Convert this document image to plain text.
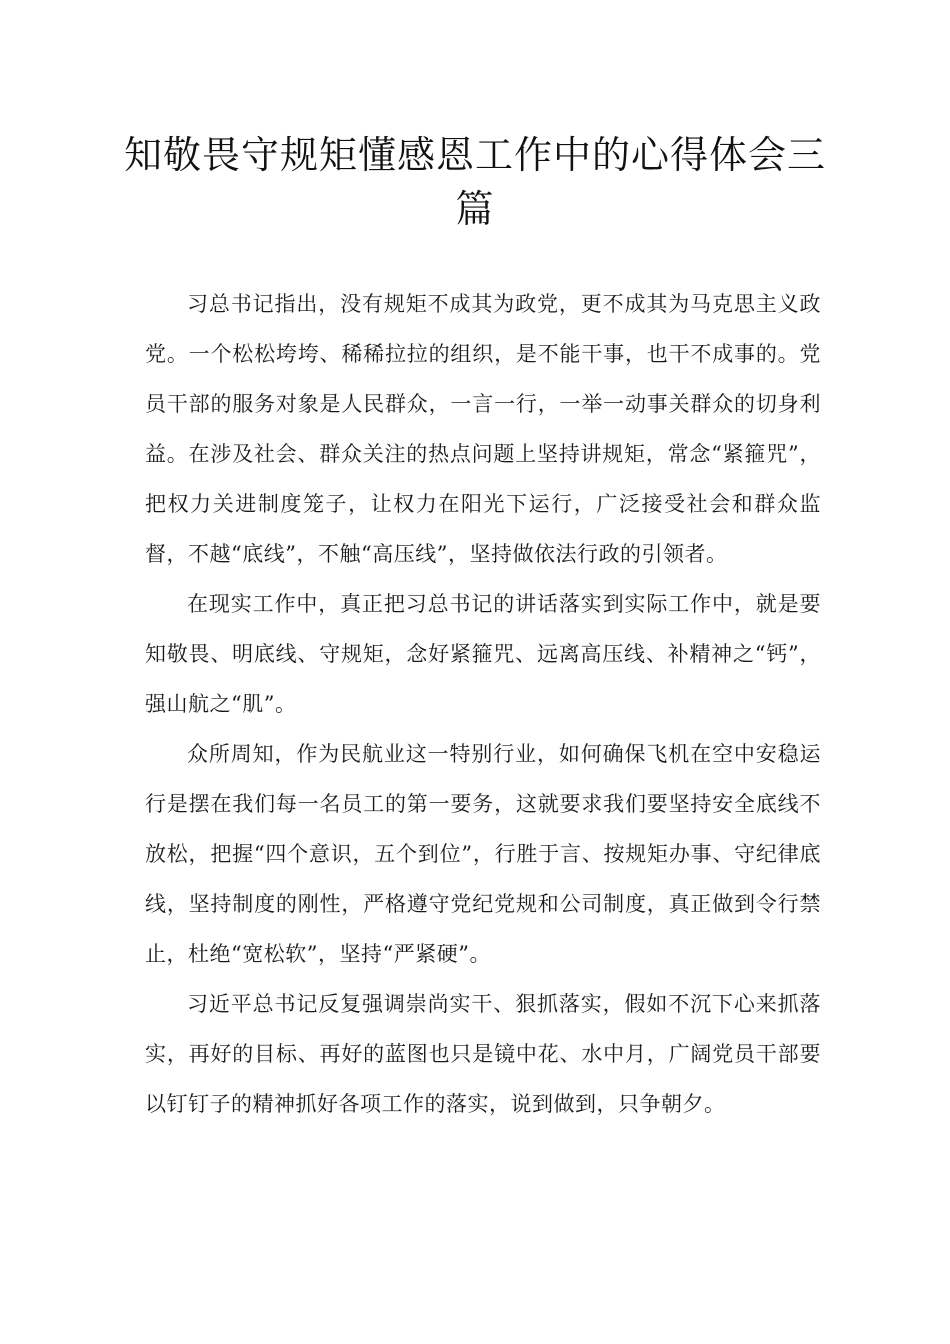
知敬畏守规矩懂感恩工作中的心得体会三篇

习总书记指出，没有规矩不成其为政党，更不成其为马克思主义政党。一个松松垮垮、稀稀拉拉的组织，是不能干事，也干不成事的。党员干部的服务对象是人民群众，一言一行，一举一动事关群众的切身利益。在涉及社会、群众关注的热点问题上坚持讲规矩，常念“紧箍咒”，把权力关进制度笼子，让权力在阳光下运行，广泛接受社会和群众监督，不越“底线”，不触“高压线”，坚持做依法行政的引领者。

在现实工作中，真正把习总书记的讲话落实到实际工作中，就是要知敬畏、明底线、守规矩，念好紧箍咒、远离高压线、补精神之“钙”，强山航之“肌”。

众所周知，作为民航业这一特别行业，如何确保飞机在空中安稳运行是摆在我们每一名员工的第一要务，这就要求我们要坚持安全底线不放松，把握“四个意识，五个到位”，行胜于言、按规矩办事、守纪律底线，坚持制度的刚性，严格遵守党纪党规和公司制度，真正做到令行禁止，杜绝“宽松软”，坚持“严紧硬”。

习近平总书记反复强调崇尚实干、狠抓落实，假如不沉下心来抓落实，再好的目标、再好的蓝图也只是镜中花、水中月，广阔党员干部要以钉钉子的精神抓好各项工作的落实，说到做到，只争朝夕。
